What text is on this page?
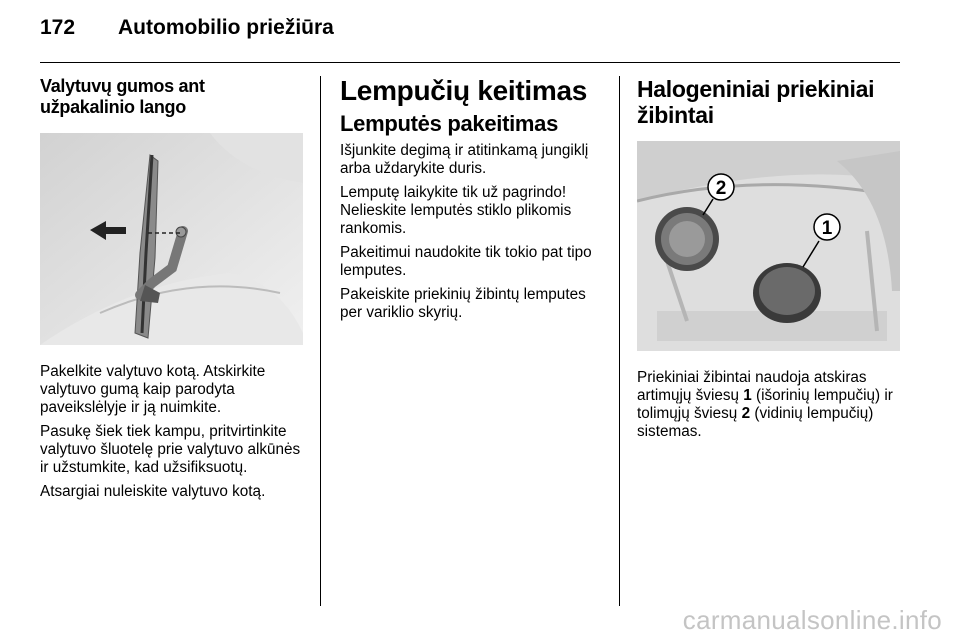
172 Automobilio priežiūra
Valytuvų gumos ant užpakalinio lango

Pakelkite valytuvo kotą. Atskirkite valytuvo gumą kaip parodyta paveikslėlyje ir ją nuimkite.

Pasukę šiek tiek kampu, pritvirtinkite valytuvo šluotelę prie valytuvo alkūnės ir užstumkite, kad užsifiksuotų.

Atsargiai nuleiskite valytuvo kotą.

Lempučių keitimas
Lemputės pakeitimas

Išjunkite degimą ir atitinkamą jungiklį arba uždarykite duris.

Lemputę laikykite tik už pagrindo! Nelieskite lemputės stiklo plikomis rankomis.

Pakeitimui naudokite tik tokio pat tipo lemputes.

Pakeiskite priekinių žibintų lemputes per variklio skyrių.

Halogeniniai priekiniai žibintai
2
1

Priekiniai žibintai naudoja atskiras artimųjų šviesų 1 (išorinių lempučių) ir tolimųjų šviesų 2 (vidinių lempučių) sistemas.

carmanualsonline.info
